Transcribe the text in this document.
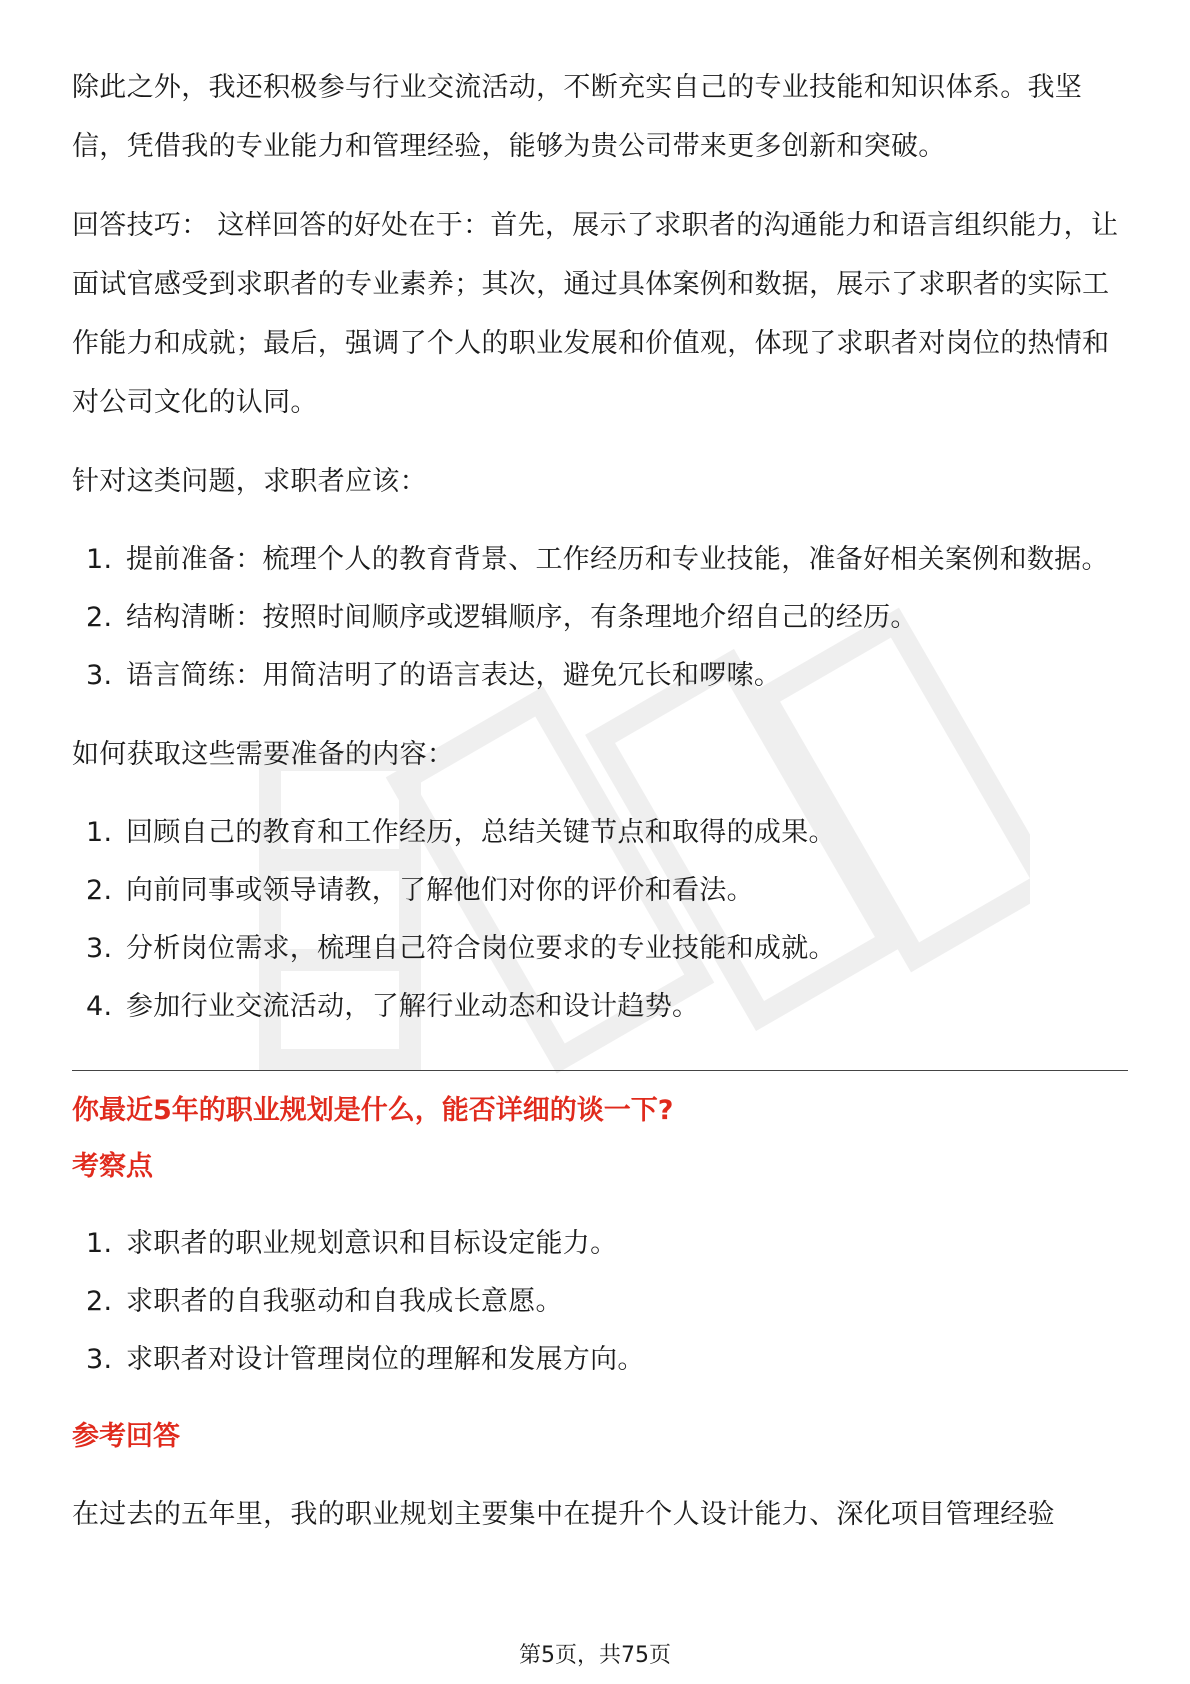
除此之外，我还积极参与行业交流活动，不断充实自己的专业技能和知识体系。我坚信，凭借我的专业能力和管理经验，能够为贵公司带来更多创新和突破。

回答技巧： 这样回答的好处在于：首先，展示了求职者的沟通能力和语言组织能力，让面试官感受到求职者的专业素养；其次，通过具体案例和数据，展示了求职者的实际工作能力和成就；最后，强调了个人的职业发展和价值观，体现了求职者对岗位的热情和对公司文化的认同。

针对这类问题，求职者应该：

1. 提前准备：梳理个人的教育背景、工作经历和专业技能，准备好相关案例和数据。
2. 结构清晰：按照时间顺序或逻辑顺序，有条理地介绍自己的经历。
3. 语言简练：用简洁明了的语言表达，避免冗长和啰嗦。

如何获取这些需要准备的内容：

1. 回顾自己的教育和工作经历，总结关键节点和取得的成果。
2. 向前同事或领导请教，了解他们对你的评价和看法。
3. 分析岗位需求，梳理自己符合岗位要求的专业技能和成就。
4. 参加行业交流活动，了解行业动态和设计趋势。

你最近5年的职业规划是什么，能否详细的谈一下?

考察点

1. 求职者的职业规划意识和目标设定能力。
2. 求职者的自我驱动和自我成长意愿。
3. 求职者对设计管理岗位的理解和发展方向。

参考回答

在过去的五年里，我的职业规划主要集中在提升个人设计能力、深化项目管理经验

第5页，共75页
